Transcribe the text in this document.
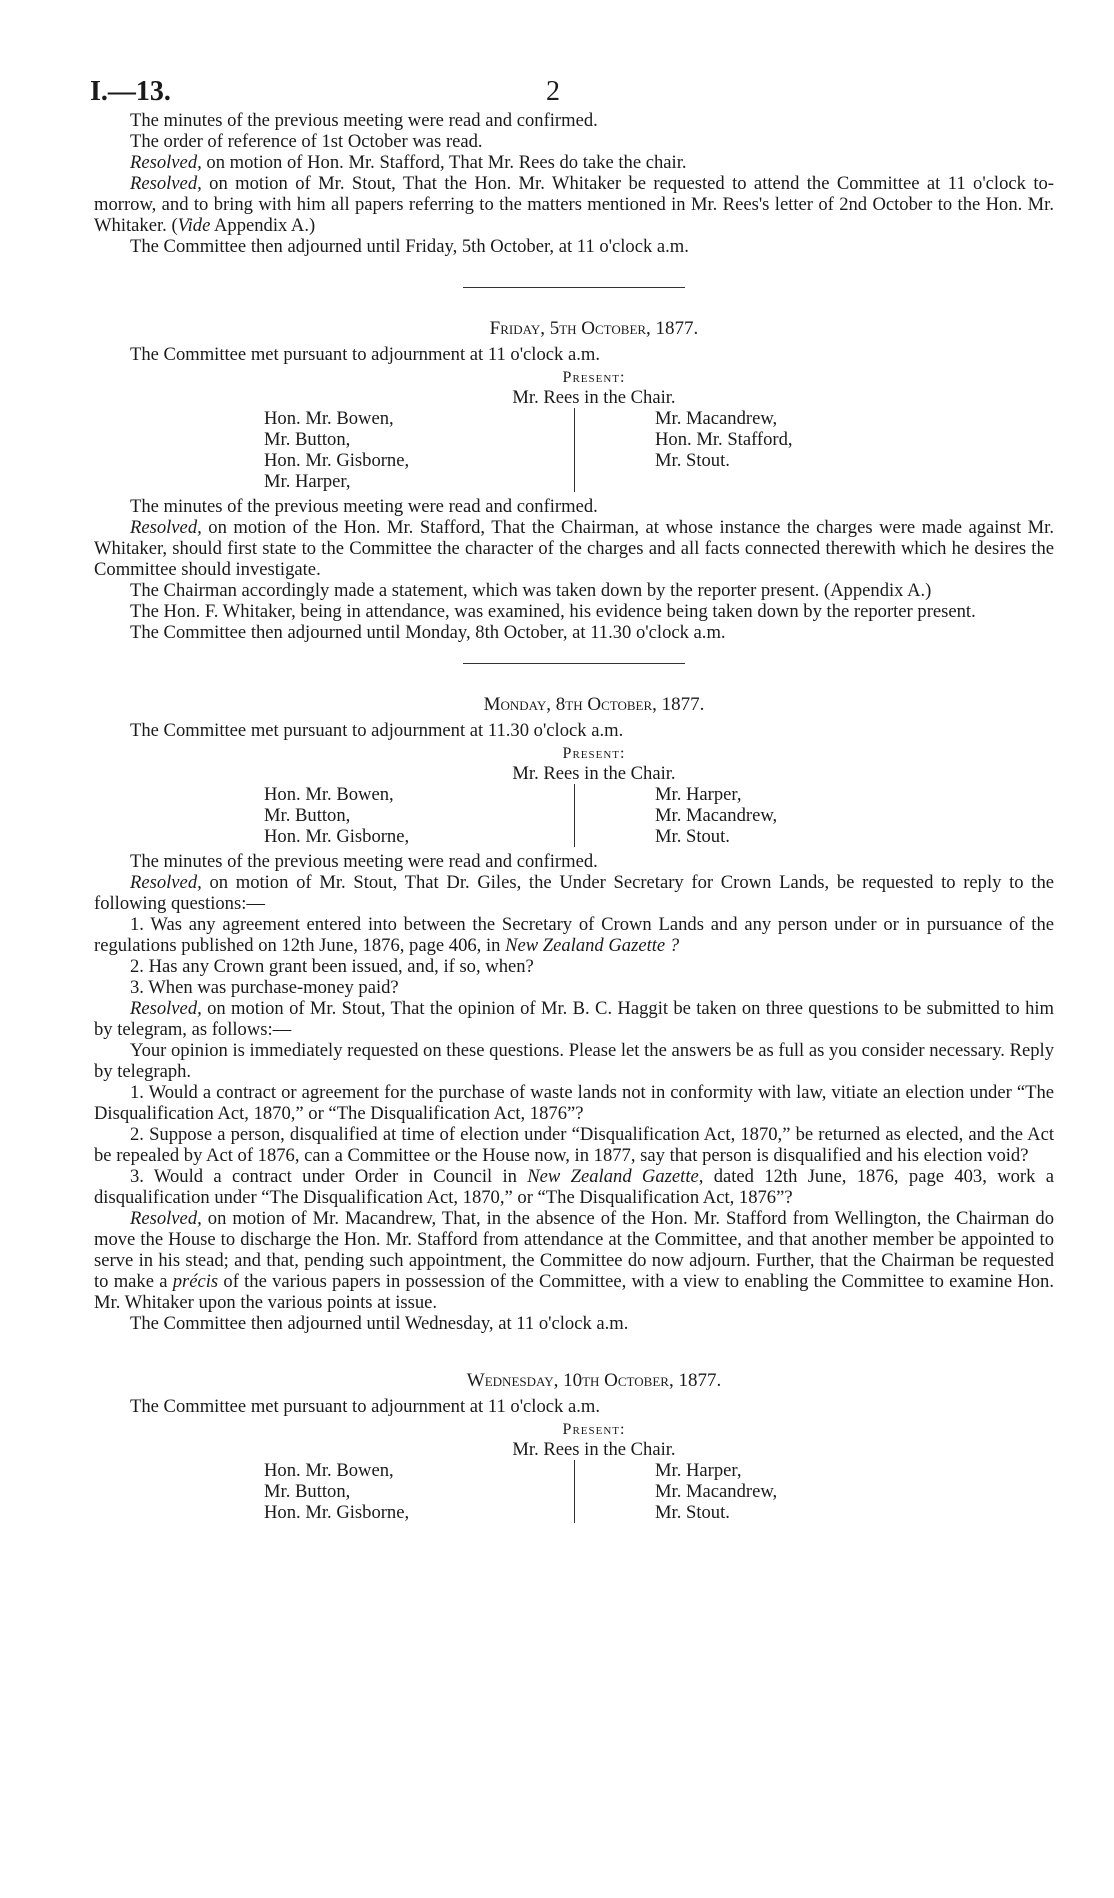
I.—13.	2

The minutes of the previous meeting were read and confirmed.

The order of reference of 1st October was read.

Resolved, on motion of Hon. Mr. Stafford, That Mr. Rees do take the chair.

Resolved, on motion of Mr. Stout, That the Hon. Mr. Whitaker be requested to attend the Committee at 11 o'clock to-morrow, and to bring with him all papers referring to the matters mentioned in Mr. Rees's letter of 2nd October to the Hon. Mr. Whitaker. (Vide Appendix A.)

The Committee then adjourned until Friday, 5th October, at 11 o'clock a.m.

Friday, 5th October, 1877.

The Committee met pursuant to adjournment at 11 o'clock a.m.

Present:
Mr. Rees in the Chair.
Hon. Mr. Bowen,
Mr. Button,
Hon. Mr. Gisborne,
Mr. Harper,
Mr. Macandrew,
Hon. Mr. Stafford,
Mr. Stout.

The minutes of the previous meeting were read and confirmed.

Resolved, on motion of the Hon. Mr. Stafford, That the Chairman, at whose instance the charges were made against Mr. Whitaker, should first state to the Committee the character of the charges and all facts connected therewith which he desires the Committee should investigate.

The Chairman accordingly made a statement, which was taken down by the reporter present. (Appendix A.)

The Hon. F. Whitaker, being in attendance, was examined, his evidence being taken down by the reporter present.

The Committee then adjourned until Monday, 8th October, at 11.30 o'clock a.m.

Monday, 8th October, 1877.

The Committee met pursuant to adjournment at 11.30 o'clock a.m.

Present:
Mr. Rees in the Chair.
Hon. Mr. Bowen,
Mr. Button,
Hon. Mr. Gisborne,
Mr. Harper,
Mr. Macandrew,
Mr. Stout.

The minutes of the previous meeting were read and confirmed.

Resolved, on motion of Mr. Stout, That Dr. Giles, the Under Secretary for Crown Lands, be requested to reply to the following questions:—

1. Was any agreement entered into between the Secretary of Crown Lands and any person under or in pursuance of the regulations published on 12th June, 1876, page 406, in New Zealand Gazette ?

2. Has any Crown grant been issued, and, if so, when?

3. When was purchase-money paid?

Resolved, on motion of Mr. Stout, That the opinion of Mr. B. C. Haggit be taken on three questions to be submitted to him by telegram, as follows:—

Your opinion is immediately requested on these questions. Please let the answers be as full as you consider necessary. Reply by telegraph.

1. Would a contract or agreement for the purchase of waste lands not in conformity with law, vitiate an election under “The Disqualification Act, 1870,” or “The Disqualification Act, 1876”?

2. Suppose a person, disqualified at time of election under “Disqualification Act, 1870,” be returned as elected, and the Act be repealed by Act of 1876, can a Committee or the House now, in 1877, say that person is disqualified and his election void?

3. Would a contract under Order in Council in New Zealand Gazette, dated 12th June, 1876, page 403, work a disqualification under “The Disqualification Act, 1870,” or “The Disqualification Act, 1876”?

Resolved, on motion of Mr. Macandrew, That, in the absence of the Hon. Mr. Stafford from Wellington, the Chairman do move the House to discharge the Hon. Mr. Stafford from attendance at the Committee, and that another member be appointed to serve in his stead; and that, pending such appointment, the Committee do now adjourn. Further, that the Chairman be requested to make a précis of the various papers in possession of the Committee, with a view to enabling the Committee to examine Hon. Mr. Whitaker upon the various points at issue.

The Committee then adjourned until Wednesday, at 11 o'clock a.m.

Wednesday, 10th October, 1877.

The Committee met pursuant to adjournment at 11 o'clock a.m.

Present:
Mr. Rees in the Chair.
Hon. Mr. Bowen,
Mr. Button,
Hon. Mr. Gisborne,
Mr. Harper,
Mr. Macandrew,
Mr. Stout.
